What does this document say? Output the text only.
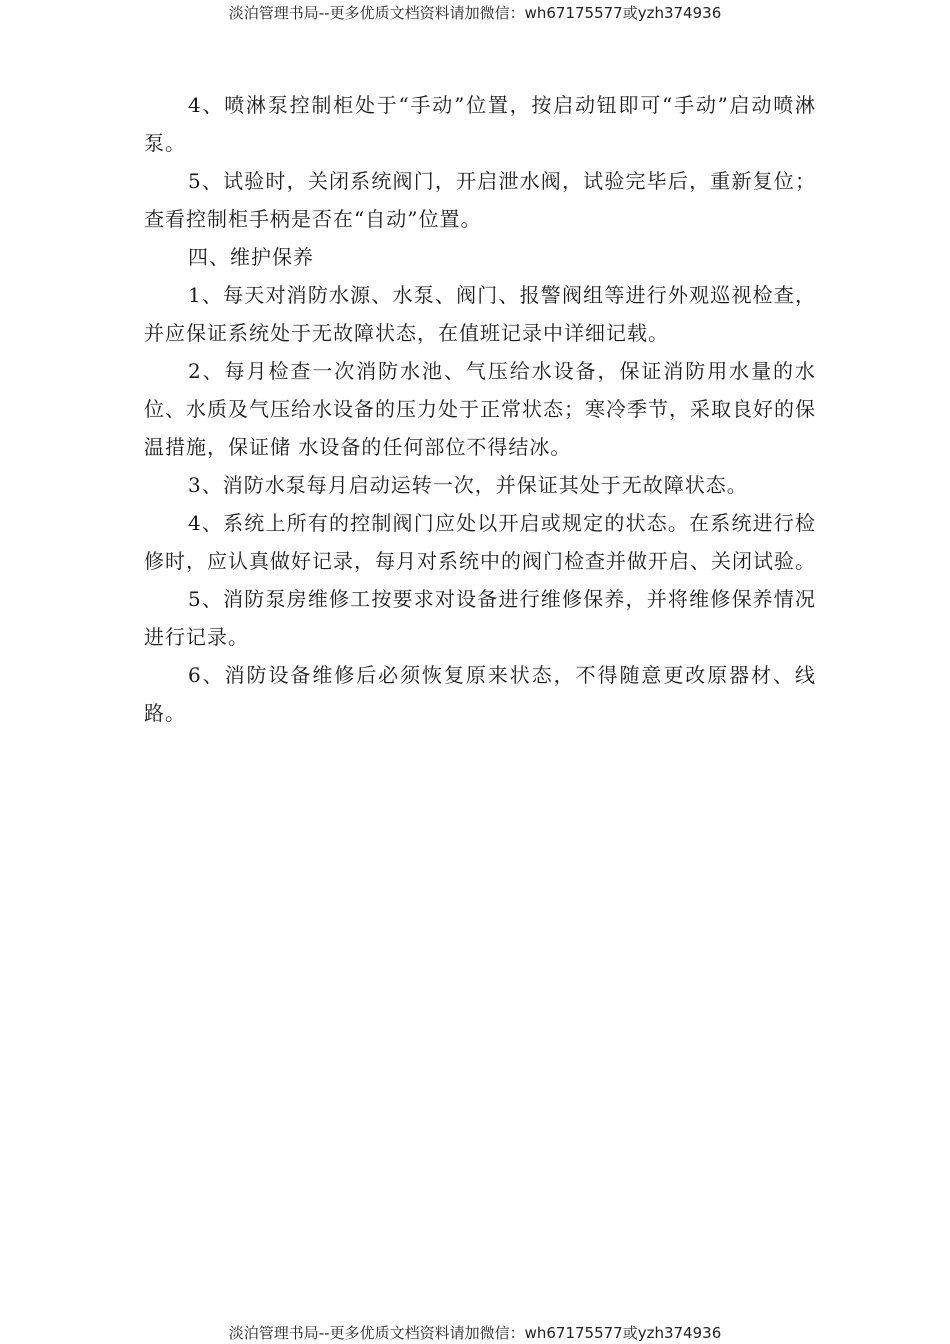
淡泊管理书局--更多优质文档资料请加微信：wh67175577或yzh374936

4、喷淋泵控制柜处于“手动”位置，按启动钮即可“手动”启动喷淋泵。

5、试验时，关闭系统阀门，开启泄水阀，试验完毕后，重新复位；查看控制柜手柄是否在“自动”位置。

四、维护保养

1、每天对消防水源、水泵、阀门、报警阀组等进行外观巡视检查，并应保证系统处于无故障状态，在值班记录中详细记载。

2、每月检查一次消防水池、气压给水设备，保证消防用水量的水位、水质及气压给水设备的压力处于正常状态；寒冷季节，采取良好的保温措施，保证储 水设备的任何部位不得结冰。

3、消防水泵每月启动运转一次，并保证其处于无故障状态。

4、系统上所有的控制阀门应处以开启或规定的状态。在系统进行检修时，应认真做好记录，每月对系统中的阀门检查并做开启、关闭试验。

5、消防泵房维修工按要求对设备进行维修保养，并将维修保养情况进行记录。

6、消防设备维修后必须恢复原来状态，不得随意更改原器材、线路。

淡泊管理书局--更多优质文档资料请加微信：wh67175577或yzh374936
